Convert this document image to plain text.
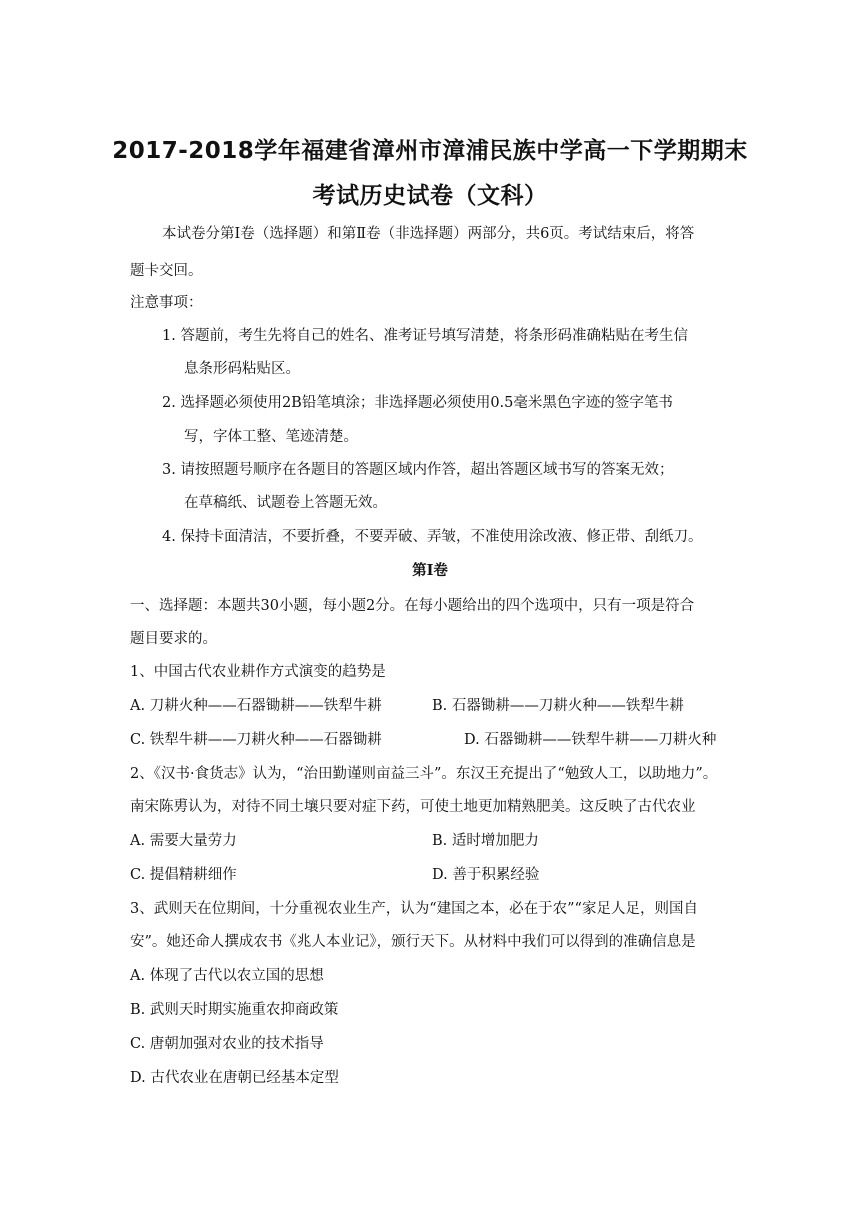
2017-2018学年福建省漳州市漳浦民族中学高一下学期期末
考试历史试卷（文科）
本试卷分第Ⅰ卷（选择题）和第Ⅱ卷（非选择题）两部分，共6页。考试结束后，将答
题卡交回。
注意事项：
1. 答题前，考生先将自己的姓名、准考证号填写清楚，将条形码准确粘贴在考生信
息条形码粘贴区。
2. 选择题必须使用2B铅笔填涂；非选择题必须使用0.5毫米黑色字迹的签字笔书
写，字体工整、笔迹清楚。
3. 请按照题号顺序在各题目的答题区域内作答，超出答题区域书写的答案无效；
在草稿纸、试题卷上答题无效。
4. 保持卡面清洁，不要折叠，不要弄破、弄皱，不准使用涂改液、修正带、刮纸刀。
第Ⅰ卷
一、选择题：本题共30小题，每小题2分。在每小题给出的四个选项中，只有一项是符合
题目要求的。
1、中国古代农业耕作方式演变的趋势是
A. 刀耕火种——石器锄耕——铁犁牛耕	B. 石器锄耕——刀耕火种——铁犁牛耕
C. 铁犁牛耕——刀耕火种——石器锄耕	D. 石器锄耕——铁犁牛耕——刀耕火种
2、《汉书·食货志》认为，“治田勤谨则亩益三斗”。东汉王充提出了“勉致人工，以助地力”。
南宋陈旉认为，对待不同土壤只要对症下药，可使土地更加精熟肥美。这反映了古代农业
A. 需要大量劳力	B. 适时增加肥力
C. 提倡精耕细作	D. 善于积累经验
3、武则天在位期间，十分重视农业生产，认为“建国之本，必在于农”“家足人足，则国自
安”。她还命人撰成农书《兆人本业记》，颁行天下。从材料中我们可以得到的准确信息是
A. 体现了古代以农立国的思想
B. 武则天时期实施重农抑商政策
C. 唐朝加强对农业的技术指导
D. 古代农业在唐朝已经基本定型
